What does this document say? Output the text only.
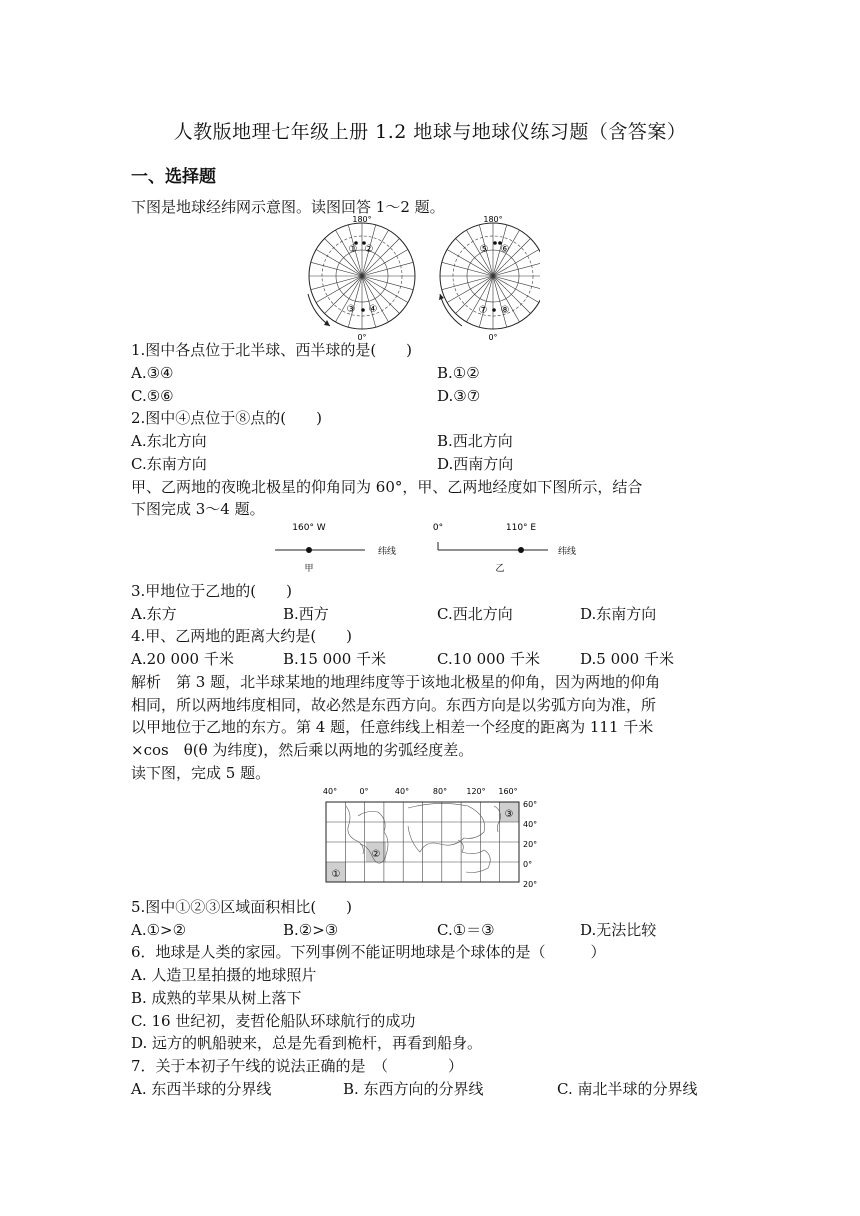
人教版地理七年级上册 1.2 地球与地球仪练习题（含答案）
一、选择题
下图是地球经纬网示意图。读图回答 1～2 题。
180°
0°
① ②
③ ④
180°
0°
⑤ ⑥
⑦ ⑧
1.图中各点位于北半球、西半球的是(　　)
A.③④	B.①②
C.⑤⑥	D.③⑦
2.图中④点位于⑧点的(　　)
A.东北方向	B.西北方向
C.东南方向	D.西南方向
甲、乙两地的夜晚北极星的仰角同为 60°，甲、乙两地经度如下图所示，结合
下图完成 3～4 题。
160° W
纬线
甲
0°	110° E
纬线
乙
3.甲地位于乙地的(　　)
A.东方	B.西方	C.西北方向	D.东南方向
4.甲、乙两地的距离大约是(　　)
A.20 000 千米	B.15 000 千米	C.10 000 千米	D.5 000 千米
解析　第 3 题，北半球某地的地理纬度等于该地北极星的仰角，因为两地的仰角
相同，所以两地纬度相同，故必然是东西方向。东西方向是以劣弧方向为准，所
以甲地位于乙地的东方。第 4 题，任意纬线上相差一个经度的距离为 111 千米
×cos　θ(θ 为纬度)，然后乘以两地的劣弧经度差。
读下图，完成 5 题。
40°	0°	40°	80° 120° 160°
60°
40°
20°
0°
20°
①
②
③
5.图中①②③区域面积相比(　　)
A.①>②	B.②>③	C.①＝③	D.无法比较
6．地球是人类的家园。下列事例不能证明地球是个球体的是（　　　）
A. 人造卫星拍摄的地球照片
B. 成熟的苹果从树上落下
C. 16 世纪初，麦哲伦船队环球航行的成功
D. 远方的帆船驶来，总是先看到桅杆，再看到船身。
7．关于本初子午线的说法正确的是　（　　　　）
A. 东西半球的分界线	B. 东西方向的分界线	C. 南北半球的分界线
